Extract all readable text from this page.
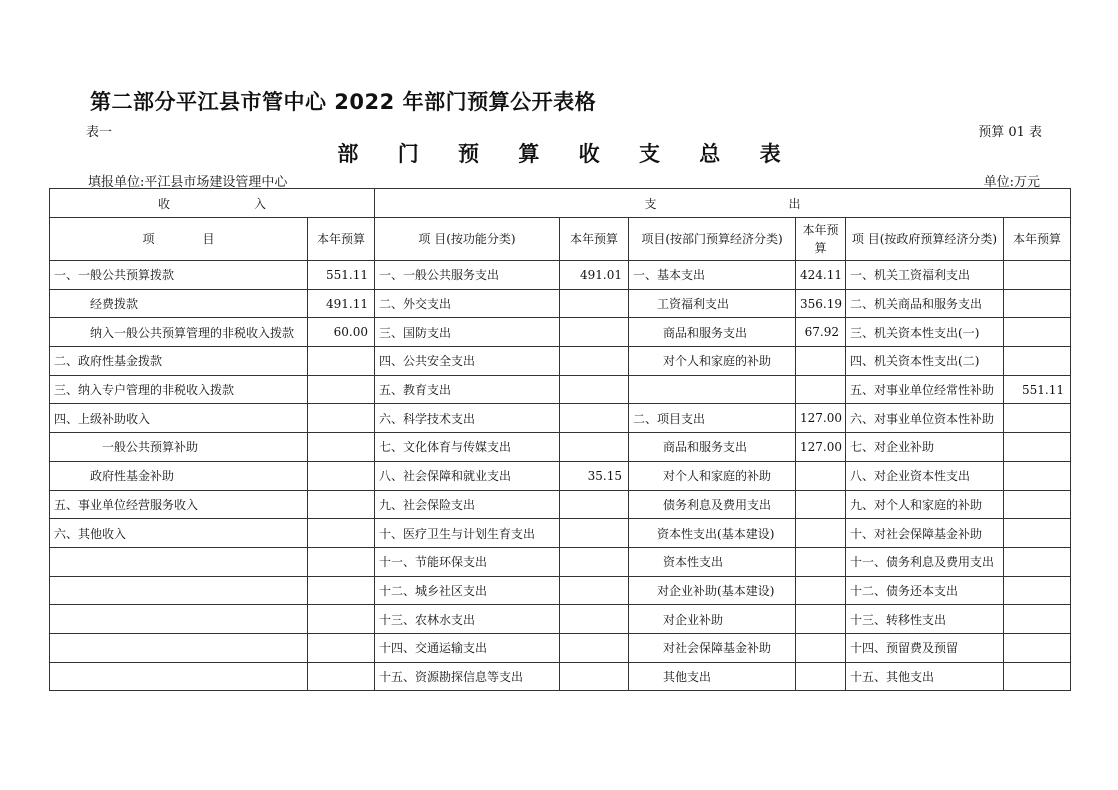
第二部分平江县市管中心 2022 年部门预算公开表格
表一	预算 01 表
部 门 预 算 收 支 总 表
填报单位:平江县市场建设管理中心	单位:万元
收　　　　　　　入		支　　　　　　　　　　　出					
项　　　　目	本年预算	项 目(按功能分类)	本年预算	项目(按部门预算经济分类)	本年预算	项 目(按政府预算经济分类)	本年预算
一、一般公共预算拨款	551.11	一、一般公共服务支出	491.01	一、基本支出	424.11	一、机关工资福利支出	
经费拨款	491.11	二、外交支出		工资福利支出	356.19	二、机关商品和服务支出	
纳入一般公共预算管理的非税收入拨款	60.00	三、国防支出		商品和服务支出	67.92	三、机关资本性支出(一)	
二、政府性基金拨款		四、公共安全支出		对个人和家庭的补助		四、机关资本性支出(二)	
三、纳入专户管理的非税收入拨款		五、教育支出				五、对事业单位经常性补助	551.11
四、上级补助收入		六、科学技术支出		二、项目支出	127.00	六、对事业单位资本性补助	
一般公共预算补助		七、文化体育与传媒支出		商品和服务支出	127.00	七、对企业补助	
政府性基金补助		八、社会保障和就业支出	35.15	对个人和家庭的补助		八、对企业资本性支出	
五、事业单位经营服务收入		九、社会保险支出		债务利息及费用支出		九、对个人和家庭的补助	
六、其他收入		十、医疗卫生与计划生育支出		资本性支出(基本建设)		十、对社会保障基金补助	
		十一、节能环保支出		资本性支出		十一、债务利息及费用支出	
		十二、城乡社区支出		对企业补助(基本建设)		十二、债务还本支出	
		十三、农林水支出		对企业补助		十三、转移性支出	
		十四、交通运输支出		对社会保障基金补助		十四、预留费及预留	
		十五、资源勘探信息等支出		其他支出		十五、其他支出	
